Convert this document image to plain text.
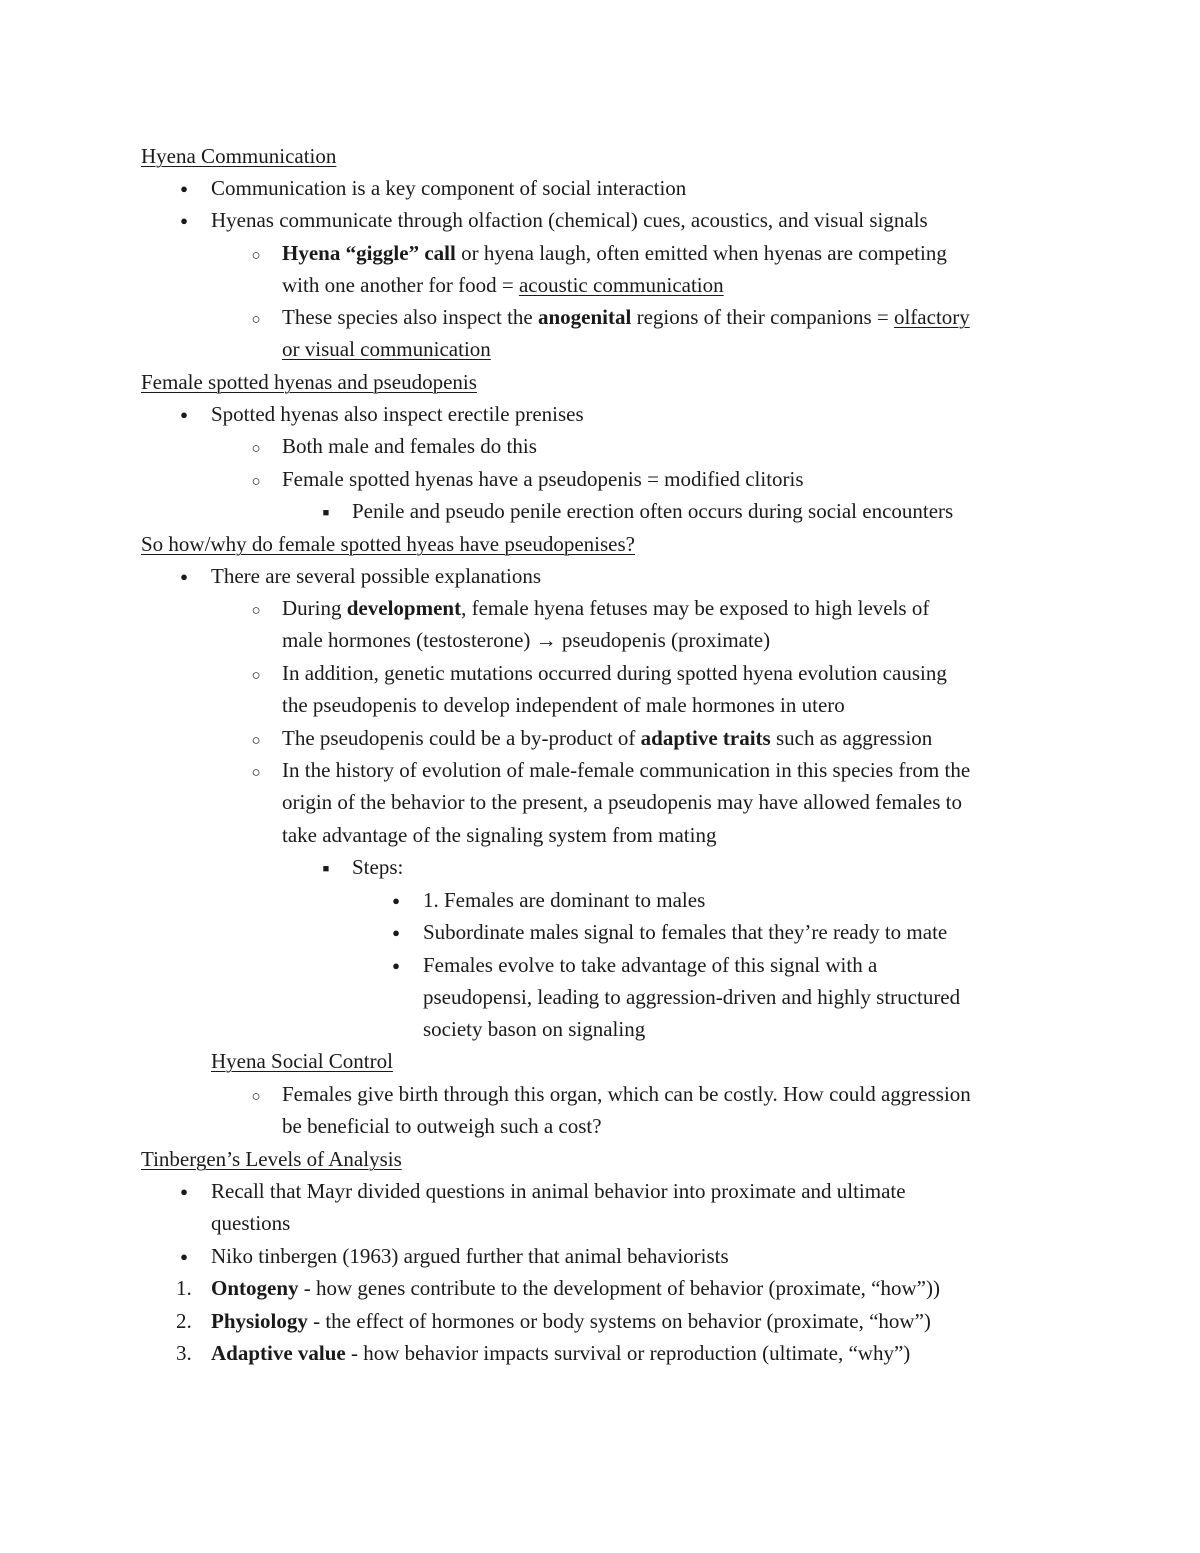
Hyena Communication
●
Communication is a key component of social interaction
●
Hyenas communicate through olfaction (chemical) cues, acoustics, and visual signals
○
Hyena “giggle” call or hyena laugh, often emitted when hyenas are competing
with one another for food = acoustic communication
○
These species also inspect the anogenital regions of their companions = olfactory
or visual communication
Female spotted hyenas and pseudopenis
●
Spotted hyenas also inspect erectile prenises
○
Both male and females do this
○
Female spotted hyenas have a pseudopenis = modified clitoris
■
Penile and pseudo penile erection often occurs during social encounters
So how/why do female spotted hyeas have pseudopenises?
●
There are several possible explanations
○
During development, female hyena fetuses may be exposed to high levels of
male hormones (testosterone) → pseudopenis (proximate)
○
In addition, genetic mutations occurred during spotted hyena evolution causing
the pseudopenis to develop independent of male hormones in utero
○
The pseudopenis could be a by-product of adaptive traits such as aggression
○
In the history of evolution of male-female communication in this species from the
origin of the behavior to the present, a pseudopenis may have allowed females to
take advantage of the signaling system from mating
■
Steps:
●
1. Females are dominant to males
●
Subordinate males signal to females that they’re ready to mate
●
Females evolve to take advantage of this signal with a
pseudopensi, leading to aggression-driven and highly structured
society bason on signaling
Hyena Social Control
○
Females give birth through this organ, which can be costly. How could aggression
be beneficial to outweigh such a cost?
Tinbergen’s Levels of Analysis
●
Recall that Mayr divided questions in animal behavior into proximate and ultimate
questions
●
Niko tinbergen (1963) argued further that animal behaviorists
1. Ontogeny - how genes contribute to the development of behavior (proximate, “how”))
2. Physiology - the effect of hormones or body systems on behavior (proximate, “how”)
3. Adaptive value - how behavior impacts survival or reproduction (ultimate, “why”)
